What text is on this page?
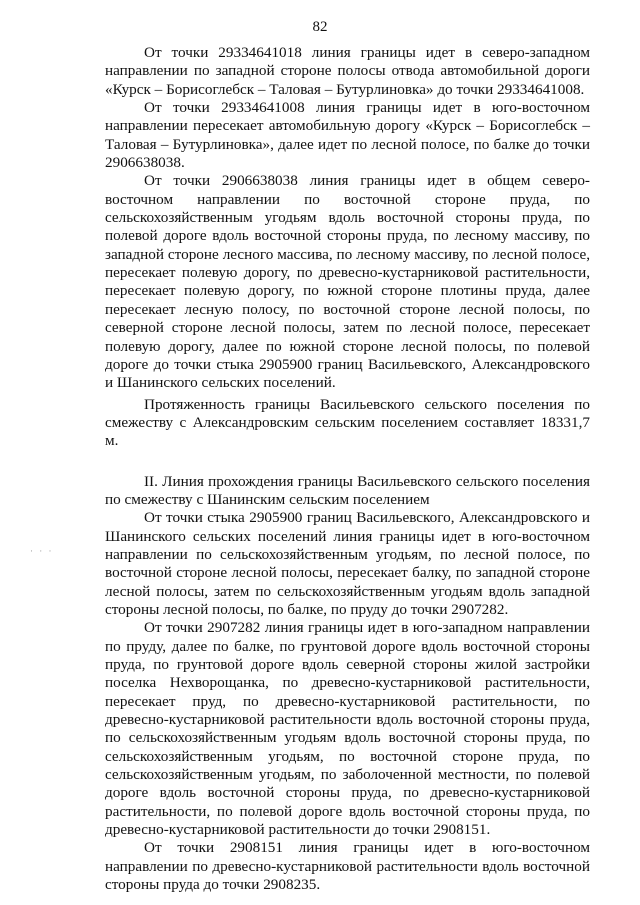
82
· · ·

От точки 29334641018 линия границы идет в северо-западном направлении по западной стороне полосы отвода автомобильной дороги «Курск – Борисоглебск – Таловая – Бутурлиновка» до точки 29334641008.

От точки 29334641008 линия границы идет в юго-восточном направлении пересекает автомобильную дорогу «Курск – Борисоглебск – Таловая – Бутурлиновка», далее идет по лесной полосе, по балке до точки 2906638038.

От точки 2906638038 линия границы идет в общем северо-восточном направлении по восточной стороне пруда, по сельскохозяйственным угодьям вдоль восточной стороны пруда, по полевой дороге вдоль восточной стороны пруда, по лесному массиву, по западной стороне лесного массива, по лесному массиву, по лесной полосе, пересекает полевую дорогу, по древесно-кустарниковой растительности, пересекает полевую дорогу, по южной стороне плотины пруда, далее пересекает лесную полосу, по восточной стороне лесной полосы, по северной стороне лесной полосы, затем по лесной полосе, пересекает полевую дорогу, далее по южной стороне лесной полосы, по полевой дороге до точки стыка 2905900 границ Васильевского, Александровского и Шанинского сельских поселений.

Протяженность границы Васильевского сельского поселения по смежеству с Александровским сельским поселением составляет 18331,7 м.

II. Линия прохождения границы Васильевского сельского поселения по смежеству с Шанинским сельским поселением

От точки стыка 2905900 границ Васильевского, Александровского и Шанинского сельских поселений линия границы идет в юго-восточном направлении по сельскохозяйственным угодьям, по лесной полосе, по восточной стороне лесной полосы, пересекает балку, по западной стороне лесной полосы, затем по сельскохозяйственным угодьям вдоль западной стороны лесной полосы, по балке, по пруду до точки 2907282.

От точки 2907282 линия границы идет в юго-западном направлении по пруду, далее по балке, по грунтовой дороге вдоль восточной стороны пруда, по грунтовой дороге вдоль северной стороны жилой застройки поселка Нехворощанка, по древесно-кустарниковой растительности, пересекает пруд, по древесно-кустарниковой растительности, по древесно-кустарниковой растительности вдоль восточной стороны пруда, по сельскохозяйственным угодьям вдоль восточной стороны пруда, по сельскохозяйственным угодьям, по восточной стороне пруда, по сельскохозяйственным угодьям, по заболоченной местности, по полевой дороге вдоль восточной стороны пруда, по древесно-кустарниковой растительности, по полевой дороге вдоль восточной стороны пруда, по древесно-кустарниковой растительности до точки 2908151.

От точки 2908151 линия границы идет в юго-восточном направлении по древесно-кустарниковой растительности вдоль восточной стороны пруда до точки 2908235.
